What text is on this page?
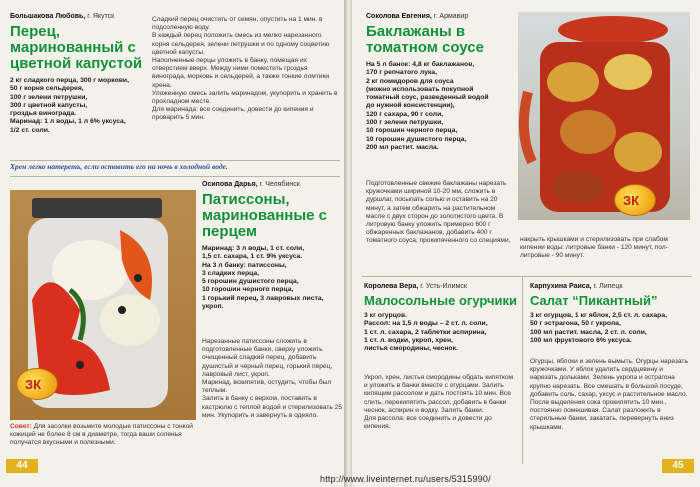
Большакова Любовь, г. Якутск
Перец, маринованный с цветной капустой
2 кг сладкого перца, 300 г моркови,
50 г корня сельдерея,
100 г зелени петрушки,
300 г цветной капусты,
гроздья винограда.
Маринад: 1 л воды, 1 л 6% уксуса,
1/2 ст. соли.
Сладкий перец очистить от семян, опустить на 1 мин. в подсоленную воду.
В каждый перец положить смесь из мелко нарезанного корня сельдерея, зелени петрушки и по одному соцветию цветной капусты.
Наполненные перцы уложить в банку, помещая их отверстием вверх. Между ними поместить гроздья винограда, морковь и сельдерей, а также тонкие ломтики хрена.
Уложенную смесь залить маринадом, укупорить и хранить в прохладном месте.
Для маринада: все соединить, довести до кипения и проварить 5 мин.
Хрен легко натереть, если оставить его на ночь в холодной воде.
ЗК
Осипова Дарья, г. Челябинск
Патиссоны, маринованные с перцем
Маринад: 3 л воды, 1 ст. соли,
1,5 ст. сахара, 1 ст. 9% уксуса.
На 3 л банку: патиссоны,
3 сладких перца,
5 горошин душистого перца,
10 горошин черного перца,
1 горький перец, 3 лавровых листа,
укроп.
Нарезанные патиссоны сложить в подготовленные банки, сверху уложить очищенный сладкий перец, добавить душистый и черный перец, горький перец, лавровый лист, укроп.
Маринад, вскипятив, остудить, чтобы был теплым.
Залить в банку с верхом, поставить в кастрюлю с теплой водой и стерилизовать 25 мин. Укупорить и завернуть в одеяло.
Совет: Для засолки возьмите молодые патиссоны с тонкой кожицей не более 8 см в диаметре, тогда ваши соленья получатся вкусными и полезными.
44
Соколова Евгения, г. Армавир
Баклажаны в томатном соусе
На 5 л банок: 4,8 кг баклажанов,
170 г репчатого лука,
2 кг помидоров для соуса
(можно использовать покупной
томатный соус, разведенный водой
до нужной консистенции),
120 г сахара, 90 г соли,
100 г зелени петрушки,
10 горошин черного перца,
10 горошин душистого перца,
200 мл растит. масла.
Подготовленные свежие баклажаны нарезать кружочками шириной 10-20 мм, сложить в дуршлаг, посыпать солью и оставить на 20 минут, а затем обжарить на растительном масле с двух сторон до золотистого цвета. В литровую банку уложить примерно 600 г обжаренных баклажанов, добавить 400 г томатного соуса, прокипяченного со специями,	накрыть крышками и стерилизовать при слабом кипении воды: литровые банки - 120 минут, пол-литровые - 90 минут.
ЗК
Королева Вера, г. Усть-Илимск
Малосольные огурчики
3 кг огурцов.
Рассол: на 1,5 л воды – 2 ст. л. соли,
1 ст. л. сахара, 2 таблетки аспирина,
1 ст. л. водки, укроп, хрен,
листья смородины, чеснок.
Укроп, хрен, листья смородины обдать кипятком и уложить в банки вместе с огурцами. Залить кипящим рассолом и дать постоять 10 мин. Все слить, перекипятить рассол, добавить в банки чеснок, аспирин и водку. Залить банки.
Для рассола: все соединить и довести до кипения.
Карпухина Раиса, г. Липецк
Салат “Пикантный”
3 кг огурцов, 1 кг яблок, 2,5 ст. л. сахара,
50 г эстрагона, 50 г укропа,
100 мл растит. масла, 2 ст. л. соли,
100 мл фруктового 6% уксуса.
Огурцы, яблоки и зелень вымыть. Огурцы нарезать кружочками. У яблок удалить сердцевину и нарезать дольками. Зелень укропа и эстрагона крупно нарезать. Все смешать в большой посуде, добавить соль, сахар, уксус и растительное масло. После выделения сока прокипятить 10 мин., постоянно помешивая. Салат разложить в стерильные банки, закатать, перевернуть вниз крышками.
45
http://www.liveinternet.ru/users/5315990/
